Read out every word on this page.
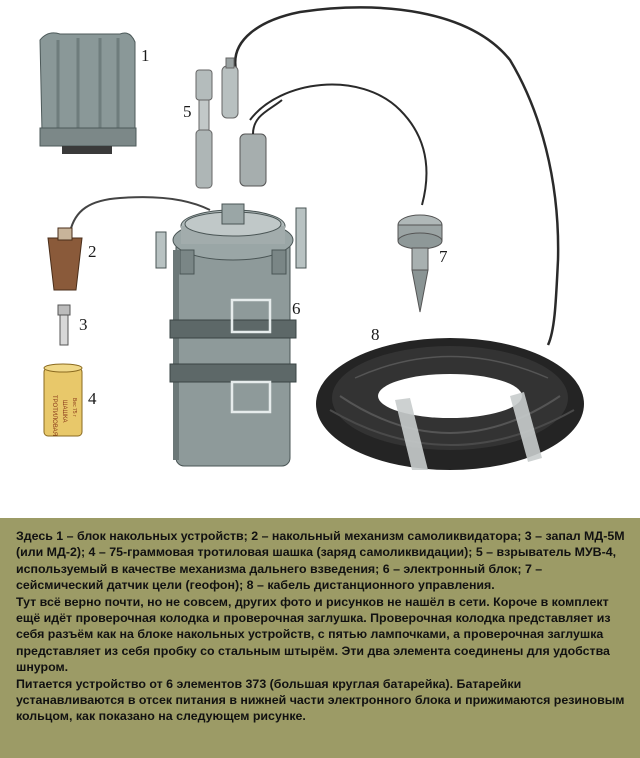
ТРОТИЛОВАЯ ШАШКА Вес 75 г
1
2
3
4
5
6
7
8

Здесь 1 – блок накольных устройств; 2 – накольный механизм самоликвидатора; 3 – запал МД-5М (или МД-2); 4 – 75-граммовая тротиловая шашка (заряд самоликвидации); 5 – взрыватель МУВ-4, используемый в качестве механизма дальнего взведения; 6 – электронный блок; 7 – сейсмический датчик цели (геофон); 8 – кабель дистанционного управления.

Тут всё верно почти, но не совсем, других фото и рисунков не нашёл в сети. Короче в комплект ещё идёт проверочная колодка и проверочная заглушка. Проверочная колодка представляет из себя разъём как на блоке накольных устройств, с пятью лампочками, а проверочная заглушка представляет из себя пробку со стальным штырём. Эти два элемента соединены для удобства шнуром.

Питается устройство от 6 элементов 373 (большая круглая батарейка). Батарейки устанавливаются в отсек питания в нижней части электронного блока и прижимаются резиновым кольцом, как показано на следующем рисунке.
